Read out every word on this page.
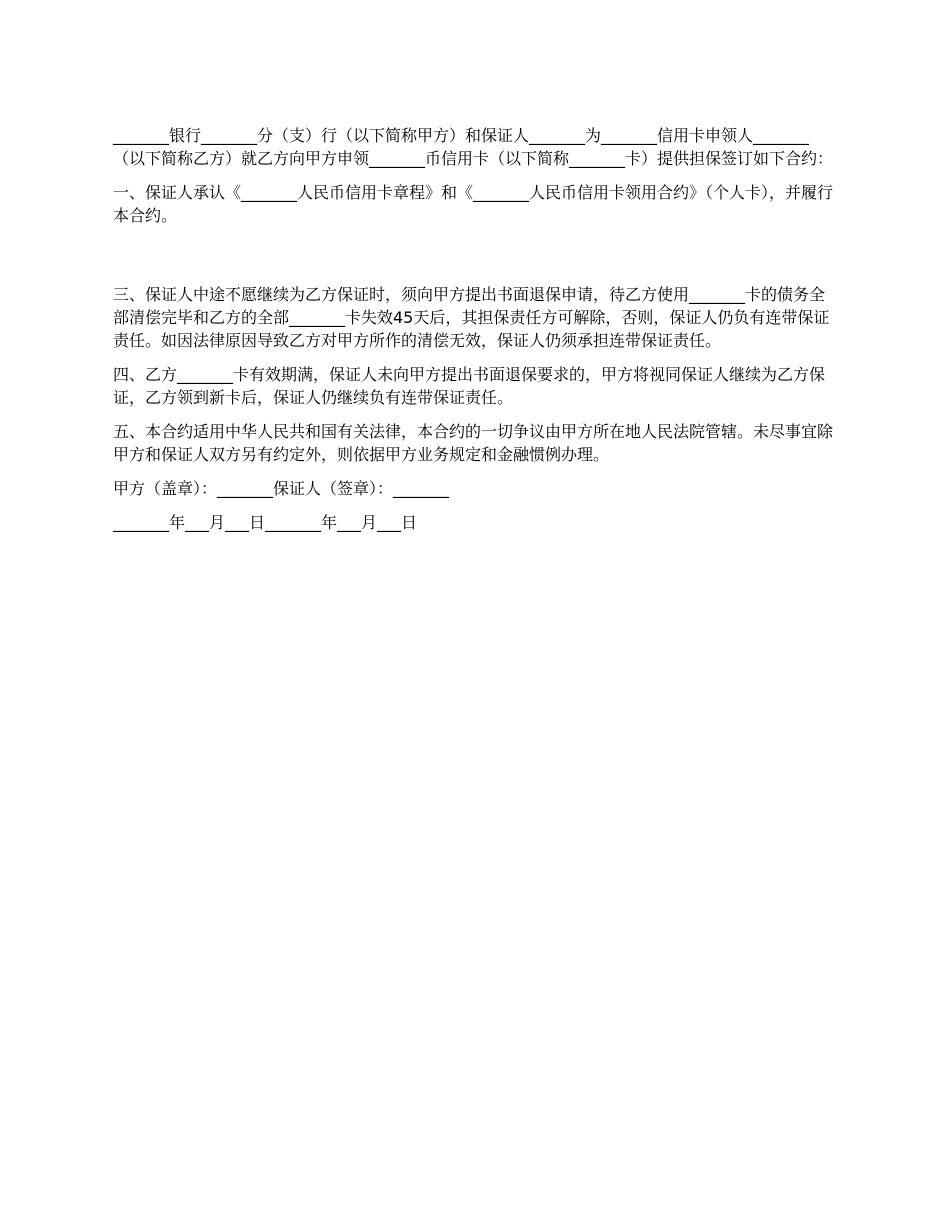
_______银行_______分（支）行（以下简称甲方）和保证人_______为_______信用卡申领人_______（以下简称乙方）就乙方向甲方申领_______币信用卡（以下简称_______卡）提供担保签订如下合约：

一、保证人承认《_______人民币信用卡章程》和《_______人民币信用卡领用合约》（个人卡），并履行本合约。

三、保证人中途不愿继续为乙方保证时，须向甲方提出书面退保申请，待乙方使用_______卡的债务全部清偿完毕和乙方的全部_______卡失效45天后，其担保责任方可解除，否则，保证人仍负有连带保证责任。如因法律原因导致乙方对甲方所作的清偿无效，保证人仍须承担连带保证责任。

四、乙方_______卡有效期满，保证人未向甲方提出书面退保要求的，甲方将视同保证人继续为乙方保证，乙方领到新卡后，保证人仍继续负有连带保证责任。

五、本合约适用中华人民共和国有关法律，本合约的一切争议由甲方所在地人民法院管辖。未尽事宜除甲方和保证人双方另有约定外，则依据甲方业务规定和金融惯例办理。

甲方（盖章）：_______保证人（签章）：_______

_______年___月___日_______年___月___日
